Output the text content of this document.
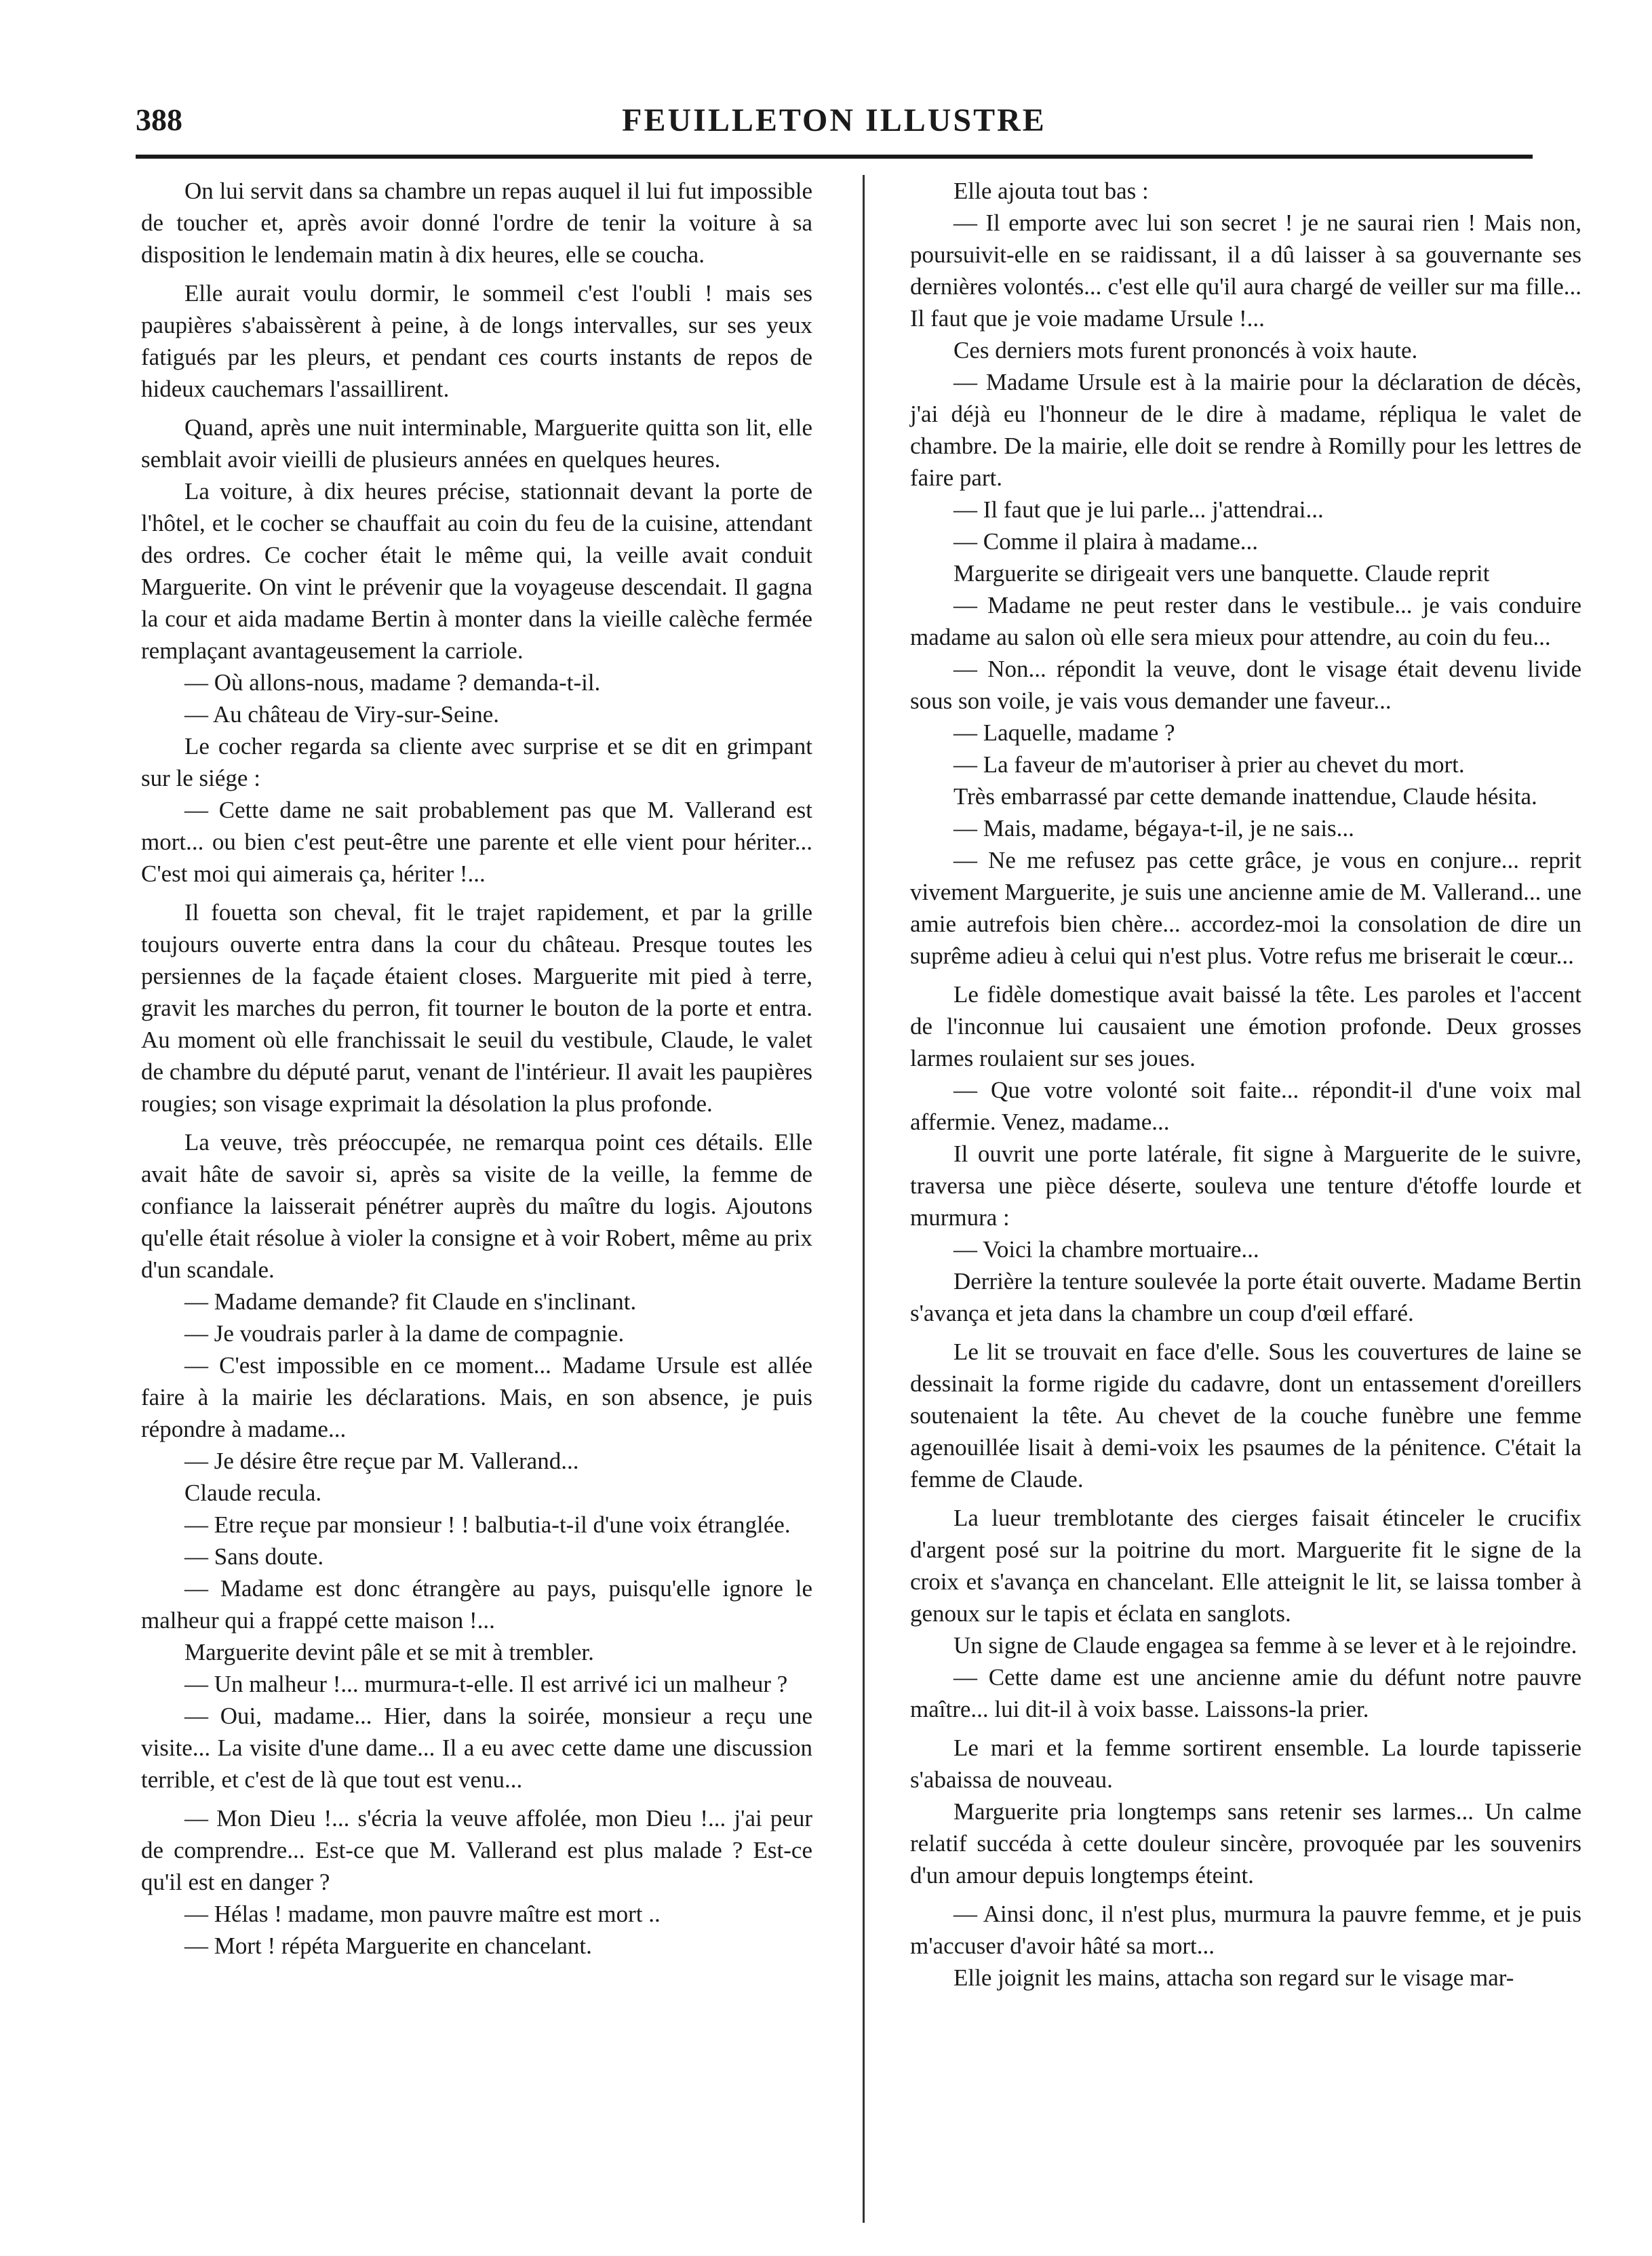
388	FEUILLETON ILLUSTRE

On lui servit dans sa chambre un repas auquel il lui fut impossible de toucher et, après avoir donné l'ordre de tenir la voiture à sa disposition le lendemain matin à dix heures, elle se coucha.

Elle aurait voulu dormir, le sommeil c'est l'oubli ! mais ses paupières s'abaissèrent à peine, à de longs intervalles, sur ses yeux fatigués par les pleurs, et pendant ces courts instants de repos de hideux cauchemars l'assaillirent.

Quand, après une nuit interminable, Marguerite quitta son lit, elle semblait avoir vieilli de plusieurs années en quelques heures.

La voiture, à dix heures précise, stationnait devant la porte de l'hôtel, et le cocher se chauffait au coin du feu de la cuisine, attendant des ordres. Ce cocher était le même qui, la veille avait conduit Marguerite. On vint le prévenir que la voyageuse descendait. Il gagna la cour et aida madame Bertin à monter dans la vieille calèche fermée remplaçant avantageusement la carriole.

— Où allons-nous, madame ? demanda-t-il.

— Au château de Viry-sur-Seine.

Le cocher regarda sa cliente avec surprise et se dit en grimpant sur le siége :

— Cette dame ne sait probablement pas que M. Vallerand est mort... ou bien c'est peut-être une parente et elle vient pour hériter... C'est moi qui aimerais ça, hériter !...

Il fouetta son cheval, fit le trajet rapidement, et par la grille toujours ouverte entra dans la cour du château. Presque toutes les persiennes de la façade étaient closes. Marguerite mit pied à terre, gravit les marches du perron, fit tourner le bouton de la porte et entra. Au moment où elle franchissait le seuil du vestibule, Claude, le valet de chambre du député parut, venant de l'intérieur. Il avait les paupières rougies; son visage exprimait la désolation la plus profonde.

La veuve, très préoccupée, ne remarqua point ces détails. Elle avait hâte de savoir si, après sa visite de la veille, la femme de confiance la laisserait pénétrer auprès du maître du logis. Ajoutons qu'elle était résolue à violer la consigne et à voir Robert, même au prix d'un scandale.

— Madame demande? fit Claude en s'inclinant.

— Je voudrais parler à la dame de compagnie.

— C'est impossible en ce moment... Madame Ursule est allée faire à la mairie les déclarations. Mais, en son absence, je puis répondre à madame...

— Je désire être reçue par M. Vallerand...

Claude recula.

— Etre reçue par monsieur ! ! balbutia-t-il d'une voix étranglée.

— Sans doute.

— Madame est donc étrangère au pays, puisqu'elle ignore le malheur qui a frappé cette maison !...

Marguerite devint pâle et se mit à trembler.

— Un malheur !... murmura-t-elle. Il est arrivé ici un malheur ?

— Oui, madame... Hier, dans la soirée, monsieur a reçu une visite... La visite d'une dame... Il a eu avec cette dame une discussion terrible, et c'est de là que tout est venu...

— Mon Dieu !... s'écria la veuve affolée, mon Dieu !... j'ai peur de comprendre... Est-ce que M. Vallerand est plus malade ? Est-ce qu'il est en danger ?

— Hélas ! madame, mon pauvre maître est mort ..

— Mort ! répéta Marguerite en chancelant.

Elle ajouta tout bas :

— Il emporte avec lui son secret ! je ne saurai rien ! Mais non, poursuivit-elle en se raidissant, il a dû laisser à sa gouvernante ses dernières volontés... c'est elle qu'il aura chargé de veiller sur ma fille... Il faut que je voie madame Ursule !...

Ces derniers mots furent prononcés à voix haute.

— Madame Ursule est à la mairie pour la déclaration de décès, j'ai déjà eu l'honneur de le dire à madame, répliqua le valet de chambre. De la mairie, elle doit se rendre à Romilly pour les lettres de faire part.

— Il faut que je lui parle... j'attendrai...

— Comme il plaira à madame...

Marguerite se dirigeait vers une banquette. Claude reprit

— Madame ne peut rester dans le vestibule... je vais conduire madame au salon où elle sera mieux pour attendre, au coin du feu...

— Non... répondit la veuve, dont le visage était devenu livide sous son voile, je vais vous demander une faveur...

— Laquelle, madame ?

— La faveur de m'autoriser à prier au chevet du mort.

Très embarrassé par cette demande inattendue, Claude hésita.

— Mais, madame, bégaya-t-il, je ne sais...

— Ne me refusez pas cette grâce, je vous en conjure... reprit vivement Marguerite, je suis une ancienne amie de M. Vallerand... une amie autrefois bien chère... accordez-moi la consolation de dire un suprême adieu à celui qui n'est plus. Votre refus me briserait le cœur...

Le fidèle domestique avait baissé la tête. Les paroles et l'accent de l'inconnue lui causaient une émotion profonde. Deux grosses larmes roulaient sur ses joues.

— Que votre volonté soit faite... répondit-il d'une voix mal affermie. Venez, madame...

Il ouvrit une porte latérale, fit signe à Marguerite de le suivre, traversa une pièce déserte, souleva une tenture d'étoffe lourde et murmura :

— Voici la chambre mortuaire...

Derrière la tenture soulevée la porte était ouverte. Madame Bertin s'avança et jeta dans la chambre un coup d'œil effaré.

Le lit se trouvait en face d'elle. Sous les couvertures de laine se dessinait la forme rigide du cadavre, dont un entassement d'oreillers soutenaient la tête. Au chevet de la couche funèbre une femme agenouillée lisait à demi-voix les psaumes de la pénitence. C'était la femme de Claude.

La lueur tremblotante des cierges faisait étinceler le crucifix d'argent posé sur la poitrine du mort. Marguerite fit le signe de la croix et s'avança en chancelant. Elle atteignit le lit, se laissa tomber à genoux sur le tapis et éclata en sanglots.

Un signe de Claude engagea sa femme à se lever et à le rejoindre.

— Cette dame est une ancienne amie du défunt notre pauvre maître... lui dit-il à voix basse. Laissons-la prier.

Le mari et la femme sortirent ensemble. La lourde tapisserie s'abaissa de nouveau.

Marguerite pria longtemps sans retenir ses larmes... Un calme relatif succéda à cette douleur sincère, provoquée par les souvenirs d'un amour depuis longtemps éteint.

— Ainsi donc, il n'est plus, murmura la pauvre femme, et je puis m'accuser d'avoir hâté sa mort...

Elle joignit les mains, attacha son regard sur le visage mar-
